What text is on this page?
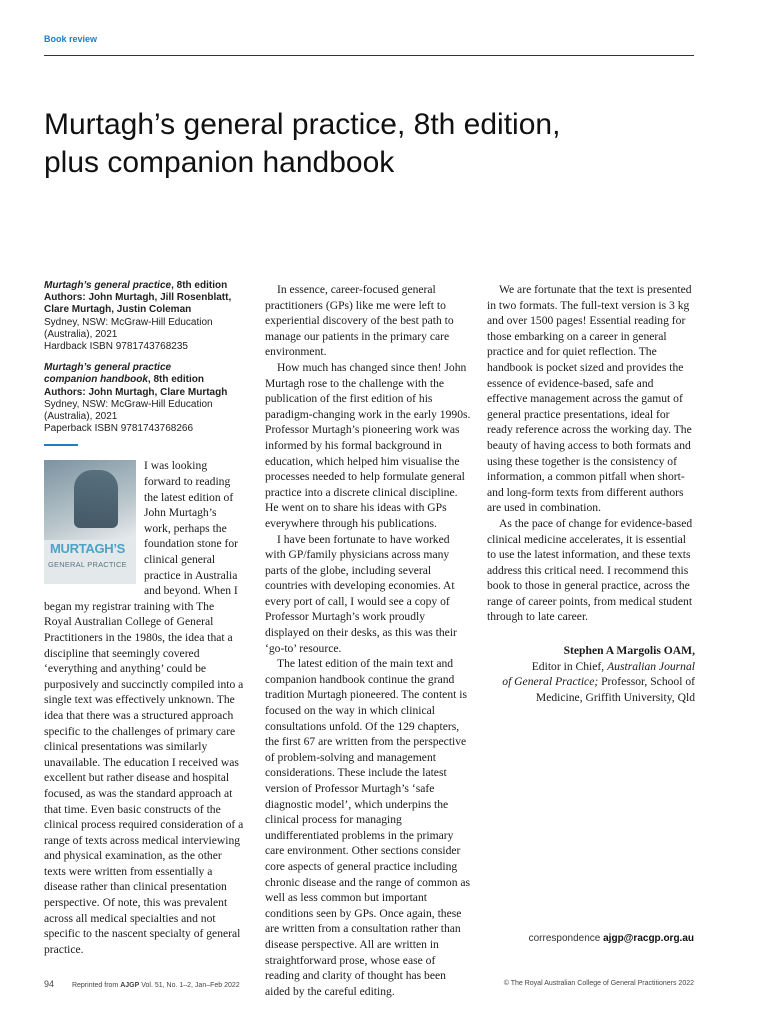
Book review
Murtagh’s general practice, 8th edition,
plus companion handbook
Murtagh’s general practice, 8th edition
Authors: John Murtagh, Jill Rosenblatt,
Clare Murtagh, Justin Coleman
Sydney, NSW: McGraw-Hill Education
(Australia), 2021
Hardback ISBN 9781743768235
Murtagh’s general practice
companion handbook, 8th edition
Authors: John Murtagh, Clare Murtagh
Sydney, NSW: McGraw-Hill Education
(Australia), 2021
Paperback ISBN 9781743768266
MURTAGH’S
GENERAL PRACTICE

I was looking forward to reading the latest edition of John Murtagh’s work, perhaps the foundation stone for clinical general practice in Australia and beyond. When I began my registrar training with The Royal Australian College of General Practitioners in the 1980s, the idea that a discipline that seemingly covered ‘everything and anything’ could be purposively and succinctly compiled into a single text was effectively unknown. The idea that there was a structured approach specific to the challenges of primary care clinical presentations was similarly unavailable. The education I received was excellent but rather disease and hospital focused, as was the standard approach at that time. Even basic constructs of the clinical process required consideration of a range of texts across medical interviewing and physical examination, as the other texts were written from essentially a disease rather than clinical presentation perspective. Of note, this was prevalent across all medical specialties and not specific to the nascent specialty of general practice.

In essence, career-focused general practitioners (GPs) like me were left to experiential discovery of the best path to manage our patients in the primary care environment.

How much has changed since then! John Murtagh rose to the challenge with the publication of the first edition of his paradigm-changing work in the early 1990s. Professor Murtagh’s pioneering work was informed by his formal background in education, which helped him visualise the processes needed to help formulate general practice into a discrete clinical discipline. He went on to share his ideas with GPs everywhere through his publications.

I have been fortunate to have worked with GP/family physicians across many parts of the globe, including several countries with developing economies. At every port of call, I would see a copy of Professor Murtagh’s work proudly displayed on their desks, as this was their ‘go-to’ resource.

The latest edition of the main text and companion handbook continue the grand tradition Murtagh pioneered. The content is focused on the way in which clinical consultations unfold. Of the 129 chapters, the first 67 are written from the perspective of problem-solving and management considerations. These include the latest version of Professor Murtagh’s ‘safe diagnostic model’, which underpins the clinical process for managing undifferentiated problems in the primary care environment. Other sections consider core aspects of general practice including chronic disease and the range of common as well as less common but important conditions seen by GPs. Once again, these are written from a consultation rather than disease perspective. All are written in straightforward prose, whose ease of reading and clarity of thought has been aided by the careful editing.

We are fortunate that the text is presented in two formats. The full-text version is 3 kg and over 1500 pages! Essential reading for those embarking on a career in general practice and for quiet reflection. The handbook is pocket sized and provides the essence of evidence-based, safe and effective management across the gamut of general practice presentations, ideal for ready reference across the working day. The beauty of having access to both formats and using these together is the consistency of information, a common pitfall when short- and long-form texts from different authors are used in combination.

As the pace of change for evidence-based clinical medicine accelerates, it is essential to use the latest information, and these texts address this critical need. I recommend this book to those in general practice, across the range of career points, from medical student through to late career.

Stephen A Margolis OAM,
Editor in Chief, Australian Journal
of General Practice; Professor, School of
Medicine, Griffith University, Qld
correspondence ajgp@racgp.org.au
94	Reprinted from AJGP Vol. 51, No. 1–2, Jan–Feb 2022	© The Royal Australian College of General Practitioners 2022
